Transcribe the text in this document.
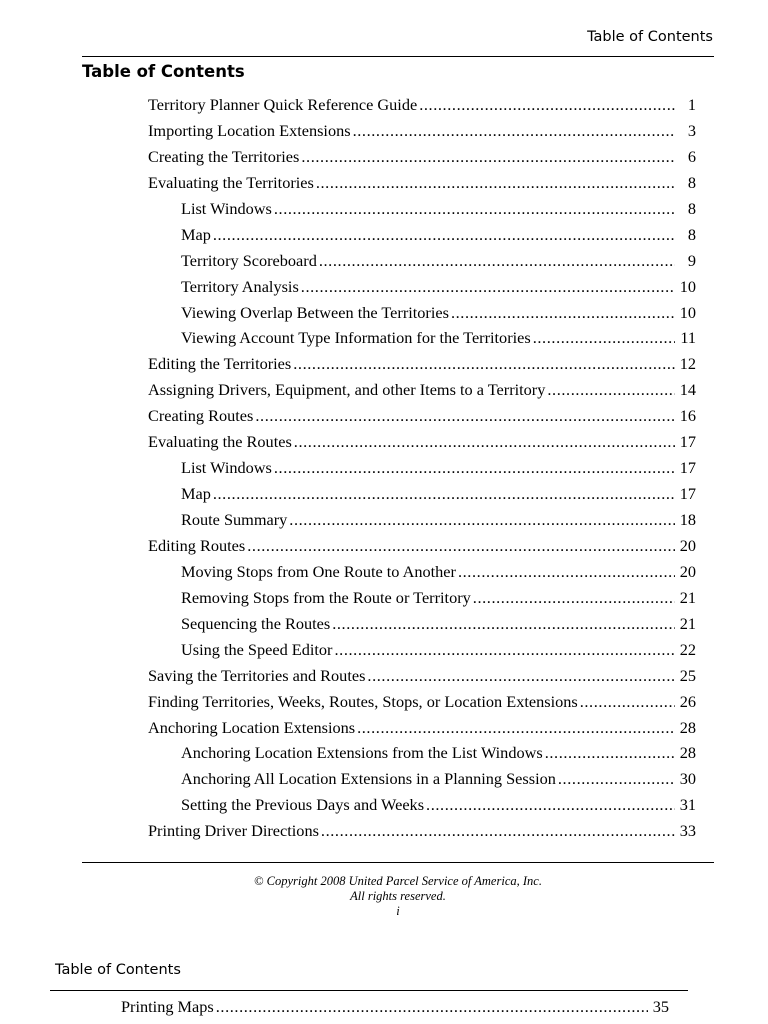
Table of Contents
Table of Contents
Territory Planner Quick Reference Guide .....	1
Importing Location Extensions .....	3
Creating the Territories .....	6
Evaluating the Territories .....	8
List Windows .....	8
Map .....	8
Territory Scoreboard .....	9
Territory Analysis .....	10
Viewing Overlap Between the Territories .....	10
Viewing Account Type Information for the Territories .....	11
Editing the Territories .....	12
Assigning Drivers, Equipment, and other Items to a Territory .....	14
Creating Routes .....	16
Evaluating the Routes .....	17
List Windows .....	17
Map .....	17
Route Summary .....	18
Editing Routes .....	20
Moving Stops from One Route to Another .....	20
Removing Stops from the Route or Territory .....	21
Sequencing the Routes .....	21
Using the Speed Editor .....	22
Saving the Territories and Routes .....	25
Finding Territories, Weeks, Routes, Stops, or Location Extensions .....	26
Anchoring Location Extensions .....	28
Anchoring Location Extensions from the List Windows .....	28
Anchoring All Location Extensions in a Planning Session .....	30
Setting the Previous Days and Weeks .....	31
Printing Driver Directions .....	33
© Copyright 2008 United Parcel Service of America, Inc.
All rights reserved.
i
Table of Contents
Printing Maps .....	35
